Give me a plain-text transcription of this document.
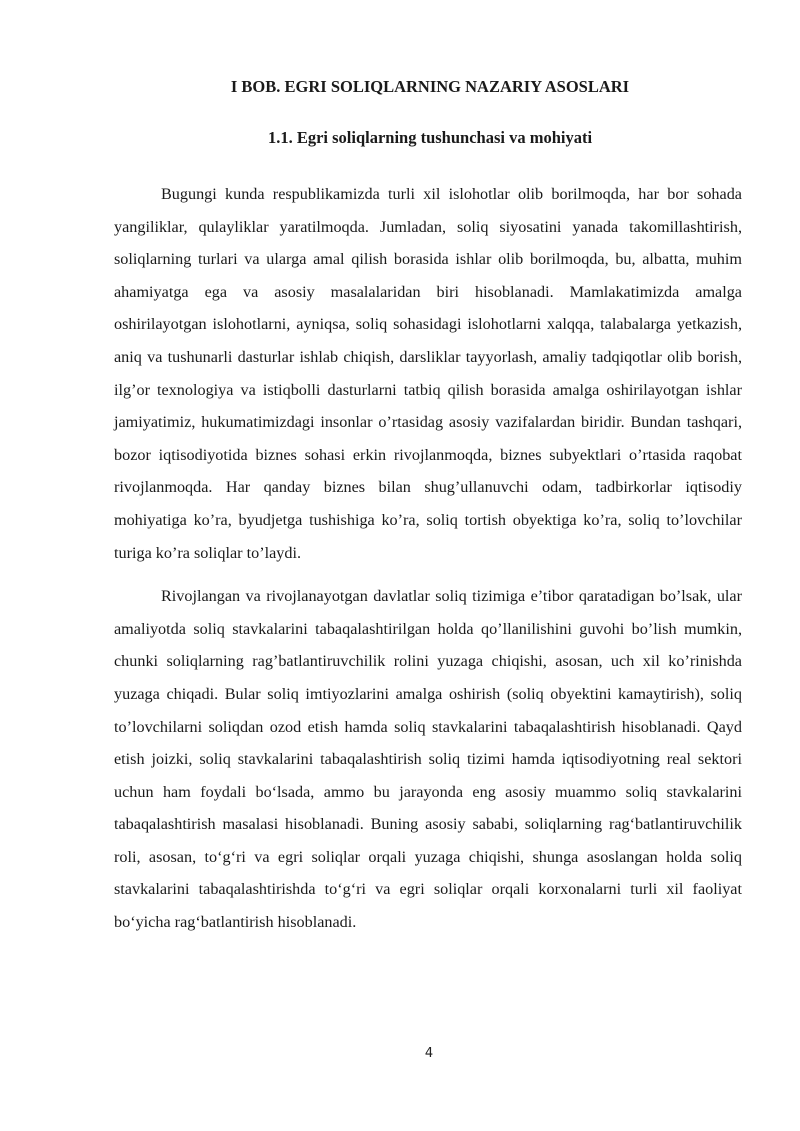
I BOB. EGRI SOLIQLARNING NAZARIY ASOSLARI
1.1. Egri soliqlarning tushunchasi va mohiyati

Bugungi kunda respublikamizda turli xil islohotlar olib borilmoqda, har bor sohada yangiliklar, qulayliklar yaratilmoqda. Jumladan, soliq siyosatini yanada takomillashtirish, soliqlarning turlari va ularga amal qilish borasida ishlar olib borilmoqda, bu, albatta, muhim ahamiyatga ega va asosiy masalalaridan biri hisoblanadi. Mamlakatimizda amalga oshirilayotgan islohotlarni, ayniqsa, soliq sohasidagi islohotlarni xalqqa, talabalarga yetkazish, aniq va tushunarli dasturlar ishlab chiqish, darsliklar tayyorlash, amaliy tadqiqotlar olib borish, ilg’or texnologiya va istiqbolli dasturlarni tatbiq qilish borasida amalga oshirilayotgan ishlar jamiyatimiz, hukumatimizdagi insonlar o’rtasidag asosiy vazifalardan biridir. Bundan tashqari, bozor iqtisodiyotida biznes sohasi erkin rivojlanmoqda, biznes subyektlari o’rtasida raqobat rivojlanmoqda. Har qanday biznes bilan shug’ullanuvchi odam, tadbirkorlar iqtisodiy mohiyatiga ko’ra, byudjetga tushishiga ko’ra, soliq tortish obyektiga ko’ra, soliq to’lovchilar turiga ko’ra soliqlar to’laydi.

Rivojlangan va rivojlanayotgan davlatlar soliq tizimiga e’tibor qaratadigan bo’lsak, ular amaliyotda soliq stavkalarini tabaqalashtirilgan holda qo’llanilishini guvohi bo’lish mumkin, chunki soliqlarning rag’batlantiruvchilik rolini yuzaga chiqishi, asosan, uch xil ko’rinishda yuzaga chiqadi. Bular soliq imtiyozlarini amalga oshirish (soliq obyektini kamaytirish), soliq to’lovchilarni soliqdan ozod etish hamda soliq stavkalarini tabaqalashtirish hisoblanadi. Qayd etish joizki, soliq stavkalarini tabaqalashtirish soliq tizimi hamda iqtisodiyotning real sektori uchun ham foydali bo‘lsada, ammo bu jarayonda eng asosiy muammo soliq stavkalarini tabaqalashtirish masalasi hisoblanadi. Buning asosiy sababi, soliqlarning rag‘batlantiruvchilik roli, asosan, to‘g‘ri va egri soliqlar orqali yuzaga chiqishi, shunga asoslangan holda soliq stavkalarini tabaqalashtirishda to‘g‘ri va egri soliqlar orqali korxonalarni turli xil faoliyat bo‘yicha rag‘batlantirish hisoblanadi.

4
